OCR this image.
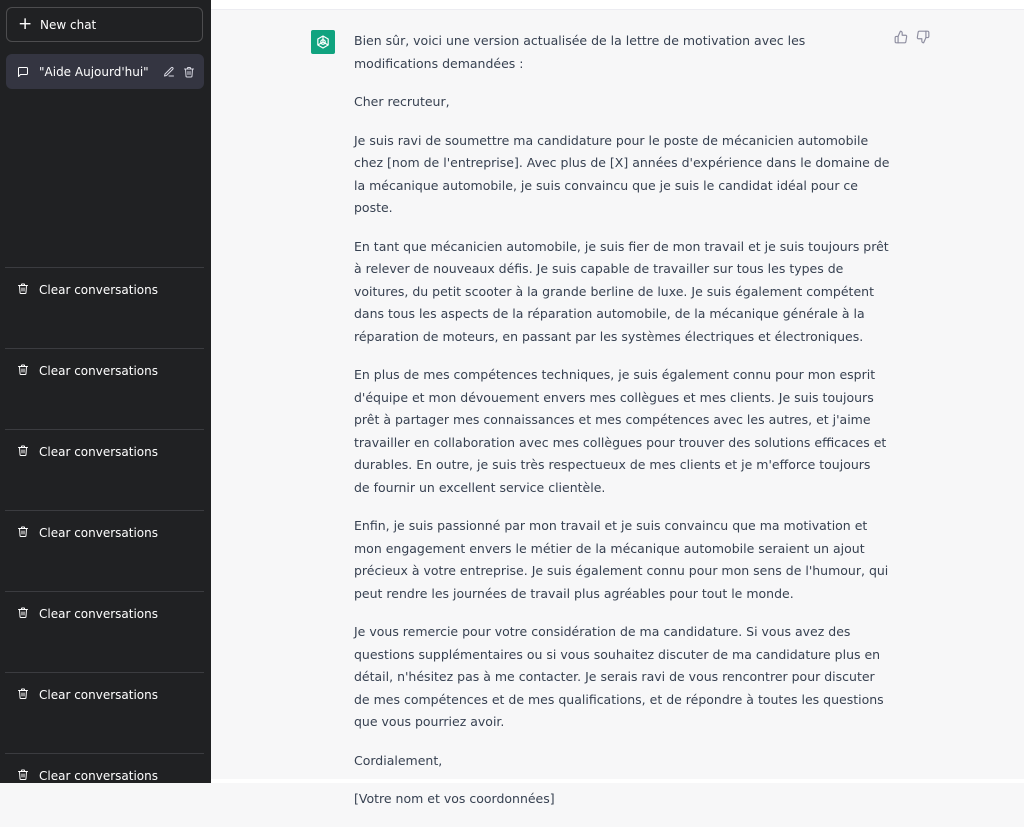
+ New chat
"Aide Aujourd'hui"
Clear conversations
Clear conversations
Clear conversations
Clear conversations
Clear conversations
Clear conversations
Clear conversations

Bien sûr, voici une version actualisée de la lettre de motivation avec les modifications demandées :

Cher recruteur,

Je suis ravi de soumettre ma candidature pour le poste de mécanicien automobile chez [nom de l'entreprise]. Avec plus de [X] années d'expérience dans le domaine de la mécanique automobile, je suis convaincu que je suis le candidat idéal pour ce poste.

En tant que mécanicien automobile, je suis fier de mon travail et je suis toujours prêt à relever de nouveaux défis. Je suis capable de travailler sur tous les types de voitures, du petit scooter à la grande berline de luxe. Je suis également compétent dans tous les aspects de la réparation automobile, de la mécanique générale à la réparation de moteurs, en passant par les systèmes électriques et électroniques.

En plus de mes compétences techniques, je suis également connu pour mon esprit d'équipe et mon dévouement envers mes collègues et mes clients. Je suis toujours prêt à partager mes connaissances et mes compétences avec les autres, et j'aime travailler en collaboration avec mes collègues pour trouver des solutions efficaces et durables. En outre, je suis très respectueux de mes clients et je m'efforce toujours de fournir un excellent service clientèle.

Enfin, je suis passionné par mon travail et je suis convaincu que ma motivation et mon engagement envers le métier de la mécanique automobile seraient un ajout précieux à votre entreprise. Je suis également connu pour mon sens de l'humour, qui peut rendre les journées de travail plus agréables pour tout le monde.

Je vous remercie pour votre considération de ma candidature. Si vous avez des questions supplémentaires ou si vous souhaitez discuter de ma candidature plus en détail, n'hésitez pas à me contacter. Je serais ravi de vous rencontrer pour discuter de mes compétences et de mes qualifications, et de répondre à toutes les questions que vous pourriez avoir.

Cordialement,

[Votre nom et vos coordonnées]
